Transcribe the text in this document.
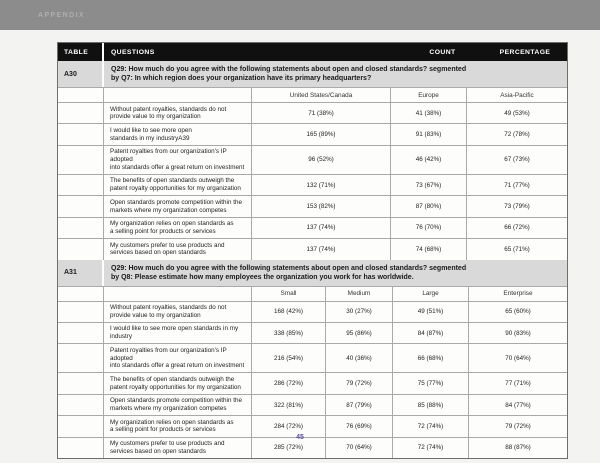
APPENDIX
TABLE	QUESTIONS	COUNT	PERCENTAGE
A30
Q29: How much do you agree with the following statements about open and closed standards? segmented
by Q7: In which region does your organization have its primary headquarters?
United States/Canada	Europe	Asia-Pacific
Without patent royalties, standards do not
provide value to my organization	71 (38%)	41 (38%)	49 (53%)
I would like to see more open
standards in my industryA39	165 (89%)	91 (83%)	72 (78%)
Patent royalties from our organization's IP adopted
into standards offer a great return on investment
96 (52%)	46 (42%)	67 (73%)
The benefits of open standards outweigh the
patent royalty opportunities for my organization	132 (71%)	73 (67%)	71 (77%)
Open standards promote competition within the
markets where my organization competes	153 (82%)	87 (80%)	73 (79%)
My organization relies on open standards as
a selling point for products or services	137 (74%)	76 (70%)	66 (72%)
My customers prefer to use products and
services based on open standards	137 (74%)	74 (68%)	65 (71%)
A31
Q29: How much do you agree with the following statements about open and closed standards? segmented
by Q8: Please estimate how many employees the organization you work for has worldwide.
Small	Medium	Large	Enterprise
Without patent royalties, standards do not
provide value to my organization	168 (42%)	30 (27%)	49 (51%)	65 (60%)
I would like to see more open standards in my industry	338 (85%)	95 (86%)	84 (87%)	90 (83%)
Patent royalties from our organization's IP adopted
into standards offer a great return on investment
216 (54%)	40 (36%)	66 (68%)	70 (64%)
The benefits of open standards outweigh the
patent royalty opportunities for my organization	286 (72%)	79 (72%)	75 (77%)	77 (71%)
Open standards promote competition within the
markets where my organization competes	322 (81%)	87 (79%)	85 (88%)	84 (77%)
My organization relies on open standards as
a selling point for products or services	284 (72%)	76 (69%)	72 (74%)	79 (72%)
My customers prefer to use products and
services based on open standards	285 (72%)	70 (64%)	72 (74%)	88 (87%)
45
